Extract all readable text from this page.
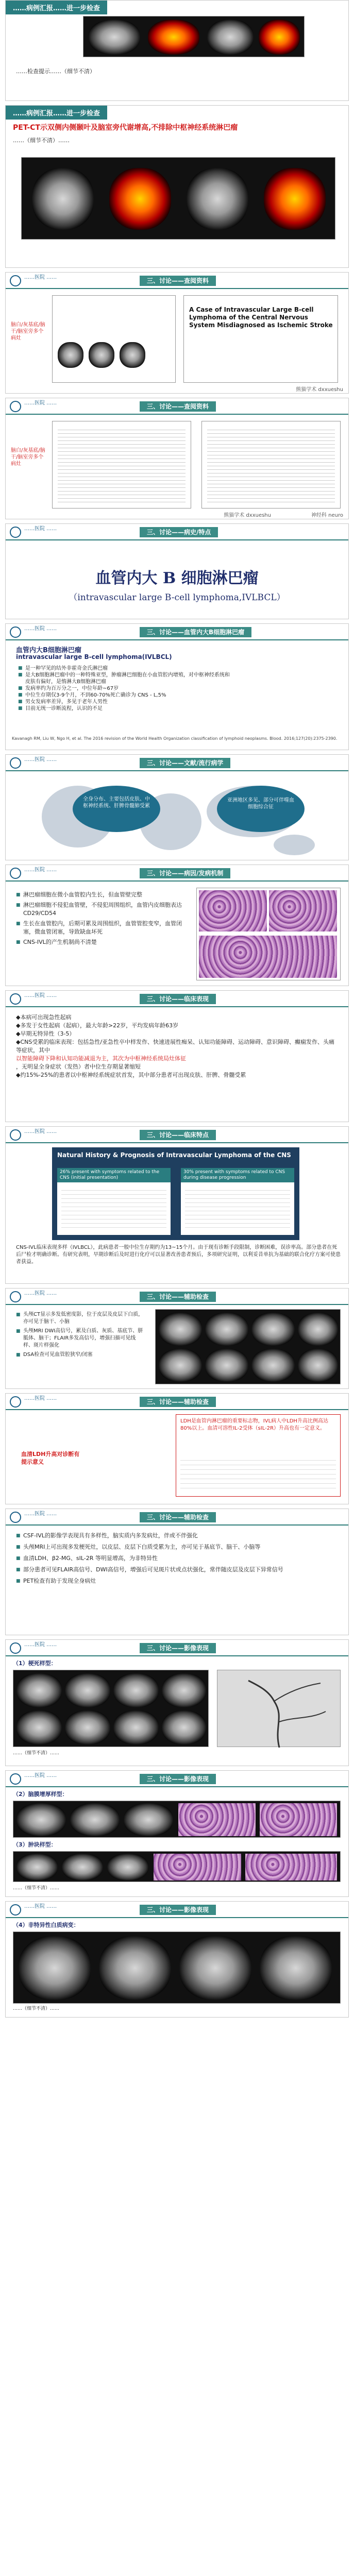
……病例汇报……进一步检查
……检查提示……（细节不清）
……病例汇报……进一步检查
PET-CT示双侧内侧颞叶及脑室旁代谢增高,不排除中枢神经系统淋巴瘤
……（细节不清）……
……医院 ……	三、讨论——查阅资料
脑白/灰基底/脑干/脑室旁多个病灶
A Case of Intravascular Large B-cell Lymphoma of the Central Nervous System Misdiagnosed as Ischemic Stroke
熊猫学术 dxxueshu
……医院 ……	三、讨论——查阅资料
脑白/灰基底/脑干/脑室旁多个病灶
熊猫学术 dxxueshu	神经科 neuro
……医院 ……	三、讨论——病史/特点
血管内大 B 细胞淋巴瘤
（intravascular large B-cell lymphoma,IVLBCL）
……医院 ……	三、讨论——血管内大B细胞淋巴瘤
血管内大B细胞淋巴瘤
intravascular large B-cell lymphoma(IVLBCL)
■ 是一种罕见的结外非霍奇金氏淋巴瘤
■ 是大B细胞淋巴瘤中的一种特殊亚型，肿瘤淋巴细胞在小血管腔内增殖，对中枢神经系统和皮肤有偏好，是惰淋大B细胞淋巴瘤
■ 发病率约为百万分之一，中位年龄~67岁
■ 中位生存期仅3-9个月，不到60-70%死亡确诊为 CNS - L,5%
■ 男女发病率差异，多见于老年人男性
■ 目前无统一诊断流程，认识的不足
Kavanagh RM, Liu W, Ngo H, et al. The 2016 revision of the World Health Organization classification of lymphoid neoplasms. Blood. 2016;127(20):2375-2390.
……医院 ……	三、讨论——文献/流行病学
全身分布、主要包括皮肤、中枢神经系统、肝脾骨髓肺受累
亚洲地区多见、部分可伴噬血细胞综合征
……医院 ……	三、讨论——病因/发病机制
■ 淋巴瘤细胞在微小血管腔内生长，但血管壁完整
■ 淋巴瘤细胞不侵犯血管壁，不侵犯周围组织，血管内皮细胞表达CD29/CD54
■ 生长在血管腔内，后期可累及周围组织，血管管腔变窄，血管闭塞，微血管闭塞，导致缺血坏死
■ CNS-IVL的产生机制尚不清楚
……医院 ……	三、讨论——临床表现
◆本病可出现急性起病
◆多发于女性起病（起病），最大年龄>22岁，平均发病年龄63岁
◆早期无特异性（3-5）
◆CNS受累的临床表现：包括急性/亚急性卒中样发作、快速进展性痴呆、认知功能障碍、运动障碍、意识障碍、癫痫发作、头痛等症状，其中
以智能障碍下降和认知功能减退为主，其次为中枢神经系统局灶体征
，无明显全身症状（发热）者中位生存期显著缩短
◆约15%-25%的患者以中枢神经系统症状首发，其中部分患者可出现皮肤、肝脾、骨髓受累
……医院 ……	三、讨论——临床特点
Natural History & Prognosis of Intravascular Lymphoma of the CNS
26% present with symptoms related to the CNS (initial presentation)
30% present with symptoms related to CNS during disease progression
CNS-IVL临床表现多样（IVLBCL），此病患者一般中位生存期约为13~15个月。由于现有诊断手段限制，诊断困难，误诊率高。部分患者在死后尸检才明确诊断。有研究表明，早期诊断后及时进行化疗可以显著改善患者预后，多项研究证明，以利妥昔单抗为基础的联合化疗方案可使患者获益。
……医院 ……	三、讨论——辅助检查
■ 头颅CT显示多发低密度影，位于皮层及皮层下白质，亦可见于脑干、小脑
■ 头颅MRI DWI高信号，累及白质、灰质、基底节、胼胝体、脑干；FLAIR多发高信号，增强扫描可见线样、斑片样强化
■ DSA检查可见血管腔狭窄/闭塞
……医院 ……	三、讨论——辅助检查
血清LDH升高对诊断有提示意义
LDH是血管内淋巴瘤的重要标志物，IVL病人中LDH升高比例高达80%以上。血清可溶性IL-2受体（sIL-2R）升高也有一定意义。
……医院 ……	三、讨论——辅助检查
■ CSF-IVL的影像学表现具有多样性，脑实质内多发病灶，伴或不伴强化
■ 头颅MRI上可出现多发梗死灶，以皮层、皮层下白质受累为主，亦可见于基底节、脑干、小脑等
■ 血清LDH、β2-MG、sIL-2R 等明显增高，为非特异性
■ 部分患者可见FLAIR高信号、DWI高信号，增强后可见斑片状或点状强化，常伴随皮层及皮层下异常信号
■ PET检查有助于发现全身病灶
……医院 ……	三、讨论——影像表现
（1）梗死样型：
……（细节不清）……
……医院 ……	三、讨论——影像表现
（2）脑膜增厚样型：
（3）肿块样型：
……（细节不清）……
……医院 ……	三、讨论——影像表现
（4）非特异性白质病变：
……（细节不清）……
